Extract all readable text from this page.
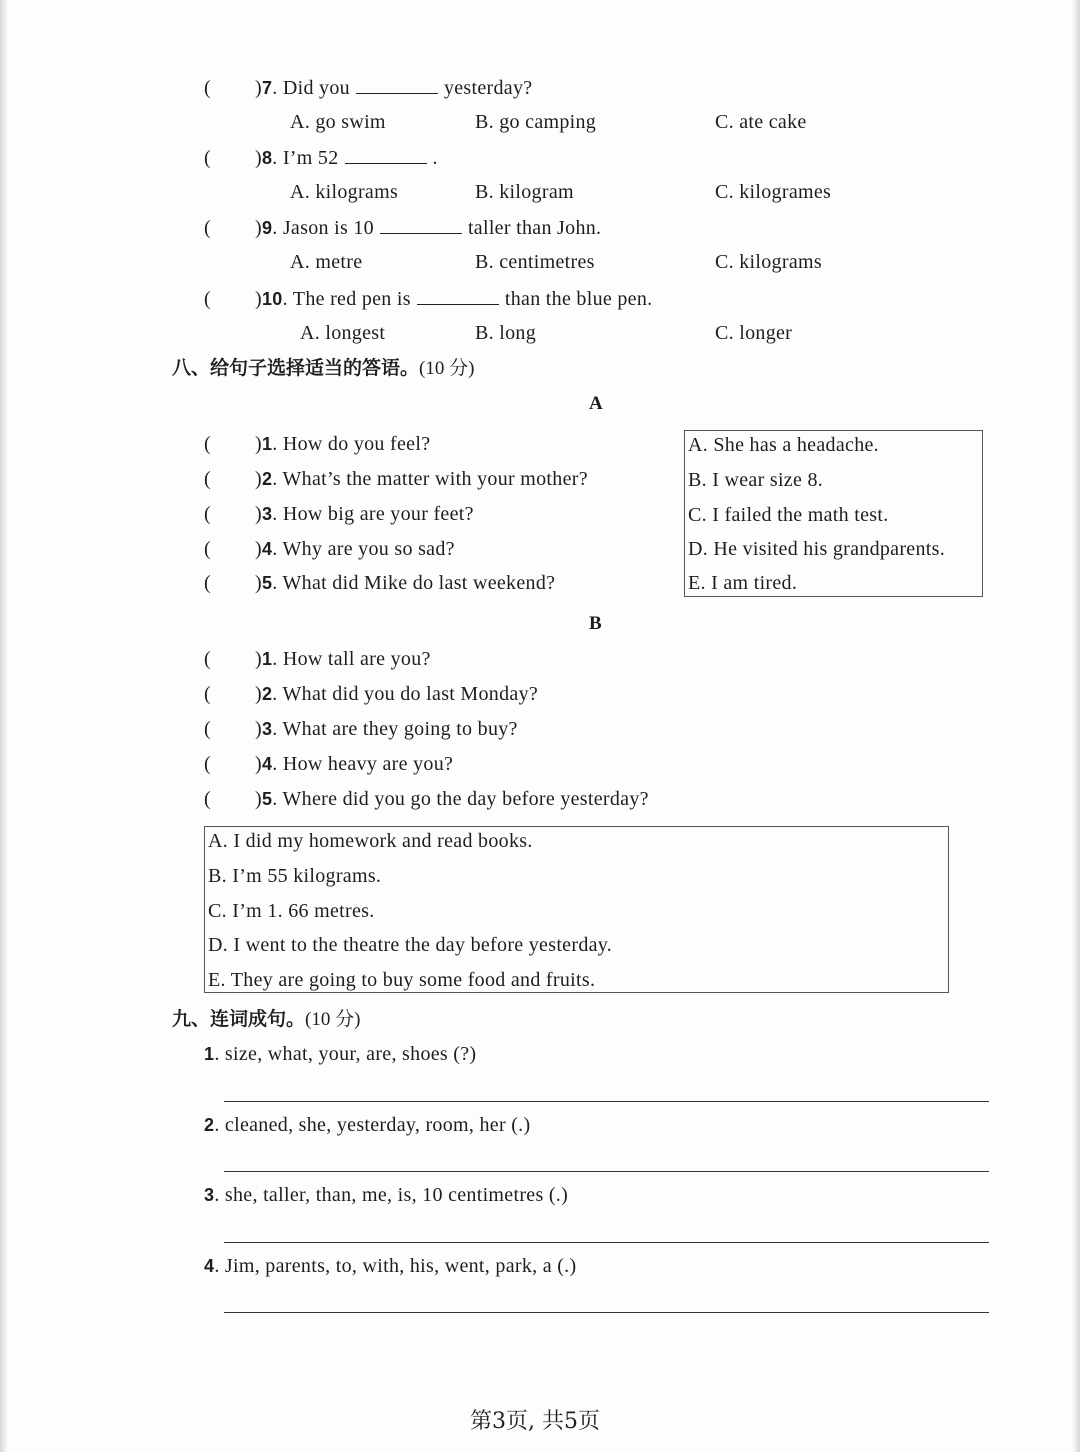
( )7. Did you	yesterday?
A. go swim	B. go camping	C. ate cake
( )8. I’m 52	.
A. kilograms	B. kilogram	C. kilogrames
( )9. Jason is 10	taller than John.
A. metre	B. centimetres	C. kilograms
( )10. The red pen is	than the blue pen.
A. longest	B. long	C. longer
八、给句子选择适当的答语。(10 分)
A
( )1. How do you feel?
( )2. What’s the matter with your mother?
( )3. How big are your feet?
( )4. Why are you so sad?
( )5. What did Mike do last weekend?
A. She has a headache.
B. I wear size 8.
C. I failed the math test.
D. He visited his grandparents.
E. I am tired.
B
( )1. How tall are you?
( )2. What did you do last Monday?
( )3. What are they going to buy?
( )4. How heavy are you?
( )5. Where did you go the day before yesterday?
A. I did my homework and read books.
B. I’m 55 kilograms.
C. I’m 1. 66 metres.
D. I went to the theatre the day before yesterday.
E. They are going to buy some food and fruits.
九、连词成句。(10 分)
1. size, what, your, are, shoes (?)
2. cleaned, she, yesterday, room, her (.)
3. she, taller, than, me, is, 10 centimetres (.)
4. Jim, parents, to, with, his, went, park, a (.)
第3页, 共5页
